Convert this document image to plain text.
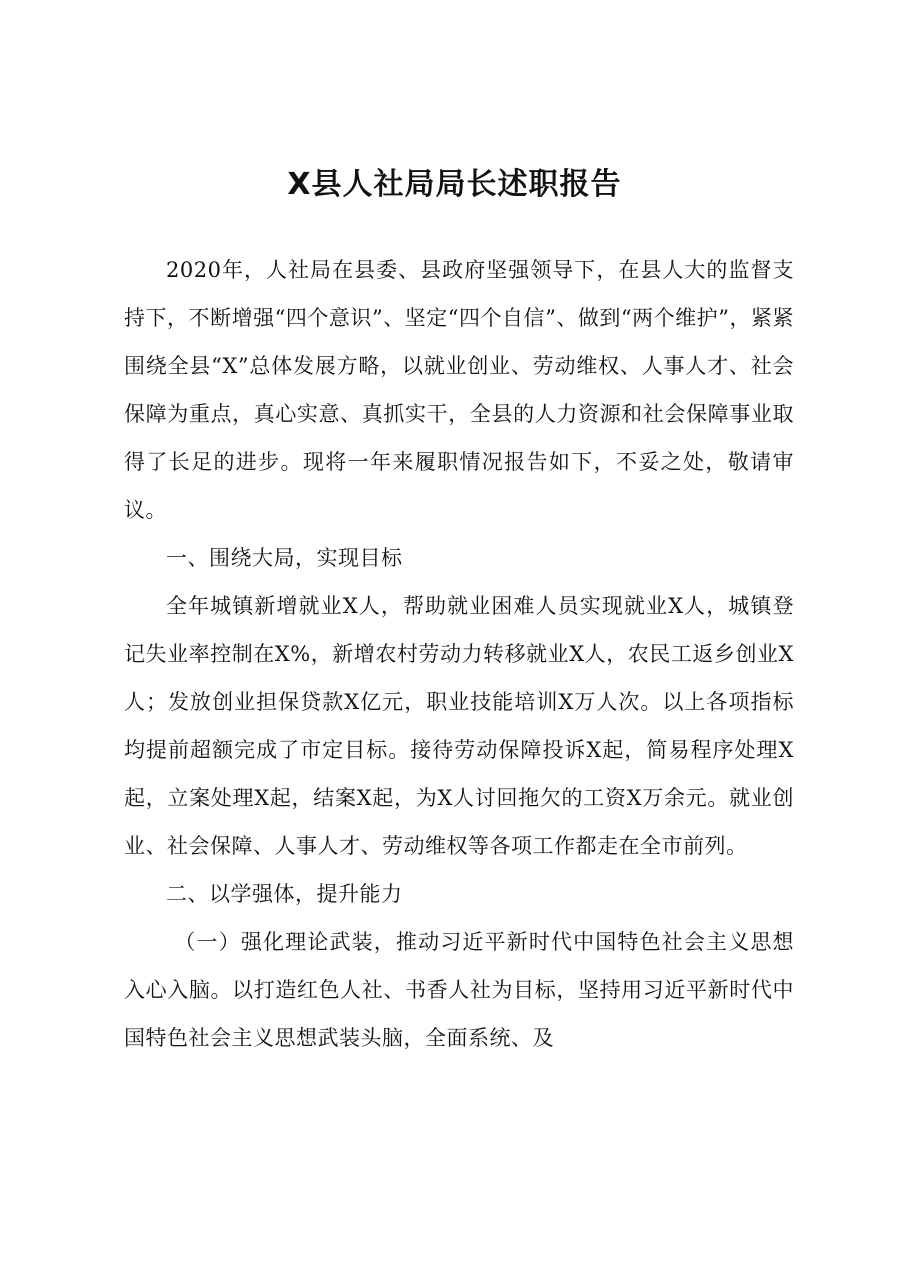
X县人社局局长述职报告

2020年，人社局在县委、县政府坚强领导下，在县人大的监督支持下，不断增强“四个意识”、坚定“四个自信”、做到“两个维护”，紧紧围绕全县“X”总体发展方略，以就业创业、劳动维权、人事人才、社会保障为重点，真心实意、真抓实干，全县的人力资源和社会保障事业取得了长足的进步。现将一年来履职情况报告如下，不妥之处，敬请审议。

一、围绕大局，实现目标

全年城镇新增就业X人，帮助就业困难人员实现就业X人，城镇登记失业率控制在X%，新增农村劳动力转移就业X人，农民工返乡创业X人；发放创业担保贷款X亿元，职业技能培训X万人次。以上各项指标均提前超额完成了市定目标。接待劳动保障投诉X起，简易程序处理X起，立案处理X起，结案X起，为X人讨回拖欠的工资X万余元。就业创业、社会保障、人事人才、劳动维权等各项工作都走在全市前列。

二、以学强体，提升能力

（一）强化理论武装，推动习近平新时代中国特色社会主义思想入心入脑。以打造红色人社、书香人社为目标，坚持用习近平新时代中国特色社会主义思想武装头脑，全面系统、及
